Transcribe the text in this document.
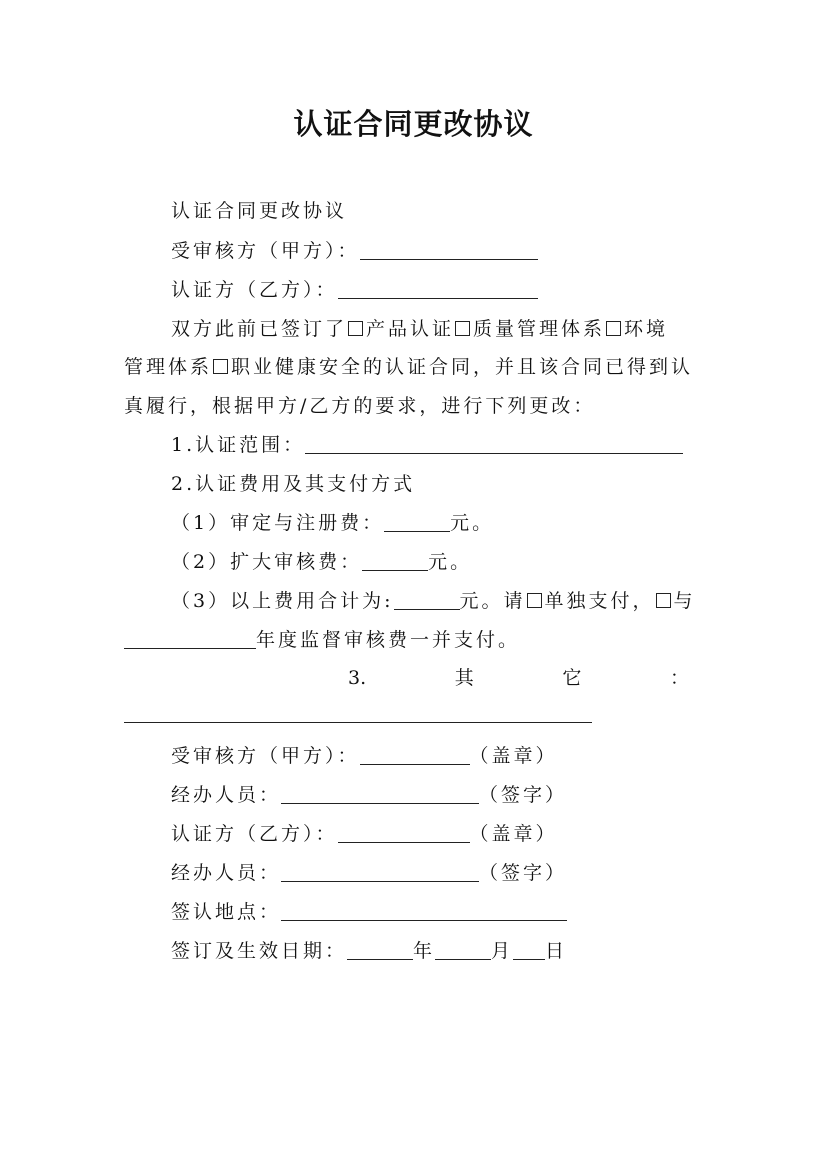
认证合同更改协议
认证合同更改协议
受审核方（甲方）：
认证方（乙方）：
双方此前已签订了 产品认证 质量管理体系 环境
管理体系 职业健康安全的认证合同，并且该合同已得到认
真履行，根据甲方/乙方的要求，进行下列更改：
1.认证范围：
2.认证费用及其支付方式
（1）审定与注册费：	元。
（2）扩大审核费：	元。
（3）以上费用合计为:	元。请 单独支付， 与
年度监督审核费一并支付。
3.	其	它	：
受审核方（甲方）：	（盖章）
经办人员：	（签字）
认证方（乙方）：	（盖章）
经办人员：	（签字）
签认地点：
签订及生效日期：	年	月 日
